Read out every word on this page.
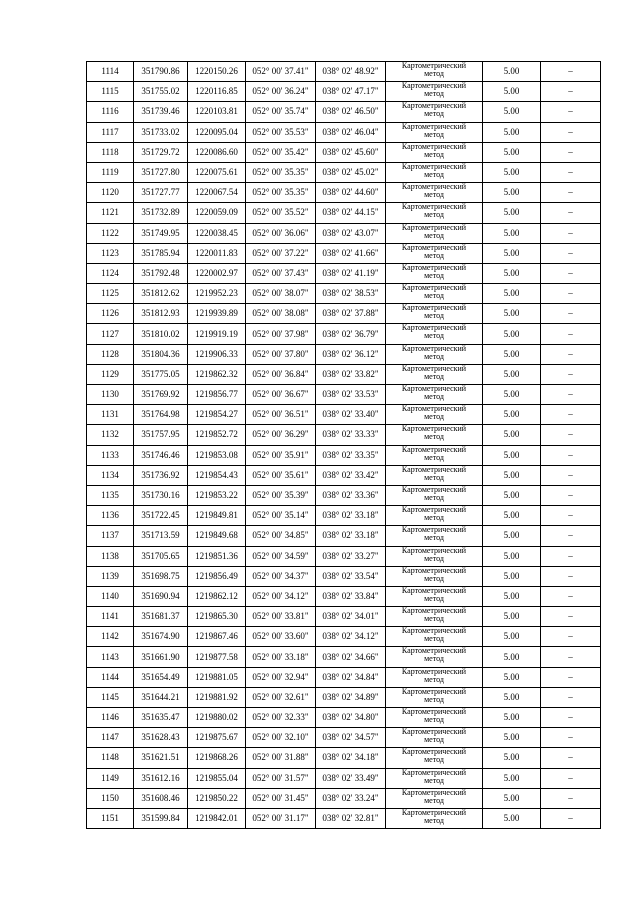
1114	351790.86	1220150.26	052° 00' 37.41"	038° 02' 48.92"	Картометрический
метод	5.00	–
1115	351755.02	1220116.85	052° 00' 36.24"	038° 02' 47.17"	Картометрический
метод	5.00	–
1116	351739.46	1220103.81	052° 00' 35.74"	038° 02' 46.50"	Картометрический
метод	5.00	–
1117	351733.02	1220095.04	052° 00' 35.53"	038° 02' 46.04"	Картометрический
метод	5.00	–
1118	351729.72	1220086.60	052° 00' 35.42"	038° 02' 45.60"	Картометрический
метод	5.00	–
1119	351727.80	1220075.61	052° 00' 35.35"	038° 02' 45.02"	Картометрический
метод	5.00	–
1120	351727.77	1220067.54	052° 00' 35.35"	038° 02' 44.60"	Картометрический
метод	5.00	–
1121	351732.89	1220059.09	052° 00' 35.52"	038° 02' 44.15"	Картометрический
метод	5.00	–
1122	351749.95	1220038.45	052° 00' 36.06"	038° 02' 43.07"	Картометрический
метод	5.00	–
1123	351785.94	1220011.83	052° 00' 37.22"	038° 02' 41.66"	Картометрический
метод	5.00	–
1124	351792.48	1220002.97	052° 00' 37.43"	038° 02' 41.19"	Картометрический
метод	5.00	–
1125	351812.62	1219952.23	052° 00' 38.07"	038° 02' 38.53"	Картометрический
метод	5.00	–
1126	351812.93	1219939.89	052° 00' 38.08"	038° 02' 37.88"	Картометрический
метод	5.00	–
1127	351810.02	1219919.19	052° 00' 37.98"	038° 02' 36.79"	Картометрический
метод	5.00	–
1128	351804.36	1219906.33	052° 00' 37.80"	038° 02' 36.12"	Картометрический
метод	5.00	–
1129	351775.05	1219862.32	052° 00' 36.84"	038° 02' 33.82"	Картометрический
метод	5.00	–
1130	351769.92	1219856.77	052° 00' 36.67"	038° 02' 33.53"	Картометрический
метод	5.00	–
1131	351764.98	1219854.27	052° 00' 36.51"	038° 02' 33.40"	Картометрический
метод	5.00	–
1132	351757.95	1219852.72	052° 00' 36.29"	038° 02' 33.33"	Картометрический
метод	5.00	–
1133	351746.46	1219853.08	052° 00' 35.91"	038° 02' 33.35"	Картометрический
метод	5.00	–
1134	351736.92	1219854.43	052° 00' 35.61"	038° 02' 33.42"	Картометрический
метод	5.00	–
1135	351730.16	1219853.22	052° 00' 35.39"	038° 02' 33.36"	Картометрический
метод	5.00	–
1136	351722.45	1219849.81	052° 00' 35.14"	038° 02' 33.18"	Картометрический
метод	5.00	–
1137	351713.59	1219849.68	052° 00' 34.85"	038° 02' 33.18"	Картометрический
метод	5.00	–
1138	351705.65	1219851.36	052° 00' 34.59"	038° 02' 33.27"	Картометрический
метод	5.00	–
1139	351698.75	1219856.49	052° 00' 34.37"	038° 02' 33.54"	Картометрический
метод	5.00	–
1140	351690.94	1219862.12	052° 00' 34.12"	038° 02' 33.84"	Картометрический
метод	5.00	–
1141	351681.37	1219865.30	052° 00' 33.81"	038° 02' 34.01"	Картометрический
метод	5.00	–
1142	351674.90	1219867.46	052° 00' 33.60"	038° 02' 34.12"	Картометрический
метод	5.00	–
1143	351661.90	1219877.58	052° 00' 33.18"	038° 02' 34.66"	Картометрический
метод	5.00	–
1144	351654.49	1219881.05	052° 00' 32.94"	038° 02' 34.84"	Картометрический
метод	5.00	–
1145	351644.21	1219881.92	052° 00' 32.61"	038° 02' 34.89"	Картометрический
метод	5.00	–
1146	351635.47	1219880.02	052° 00' 32.33"	038° 02' 34.80"	Картометрический
метод	5.00	–
1147	351628.43	1219875.67	052° 00' 32.10"	038° 02' 34.57"	Картометрический
метод	5.00	–
1148	351621.51	1219868.26	052° 00' 31.88"	038° 02' 34.18"	Картометрический
метод	5.00	–
1149	351612.16	1219855.04	052° 00' 31.57"	038° 02' 33.49"	Картометрический
метод	5.00	–
1150	351608.46	1219850.22	052° 00' 31.45"	038° 02' 33.24"	Картометрический
метод	5.00	–
1151	351599.84	1219842.01	052° 00' 31.17"	038° 02' 32.81"	Картометрический
метод	5.00	–
